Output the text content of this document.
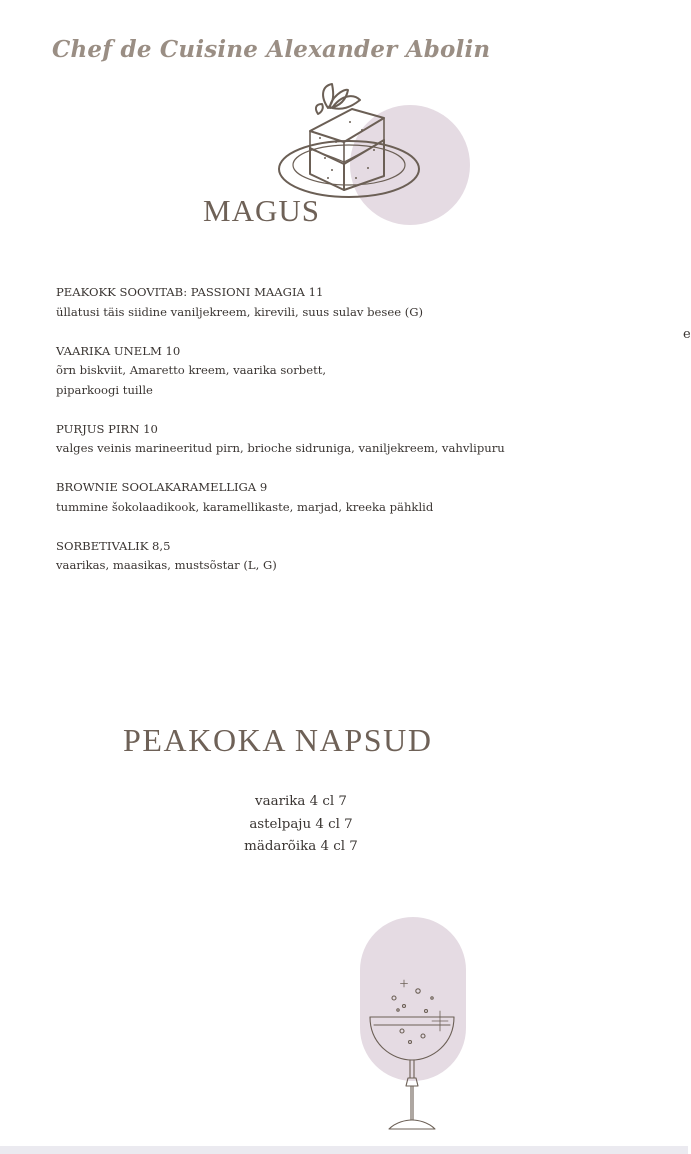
Chef de Cuisine Alexander Abolin
MAGUS
PEAKOKK SOOVITAB: PASSIONI MAAGIA 11
üllatusi täis siidine vaniljekreem, kirevili, suus sulav besee (G)
VAARIKA UNELM 10
õrn biskviit, Amaretto kreem, vaarika sorbett,
piparkoogi tuille
PURJUS PIRN 10
valges veinis marineeritud pirn, brioche sidruniga, vaniljekreem, vahvlipuru
BROWNIE SOOLAKARAMELLIGA 9
tummine šokolaadikook, karamellikaste, marjad, kreeka pähklid
SORBETIVALIK 8,5
vaarikas, maasikas, mustsõstar (L, G)
e
PEAKOKA NAPSUD
vaarika 4 cl 7
astelpaju 4 cl 7
mädarõika 4 cl 7
